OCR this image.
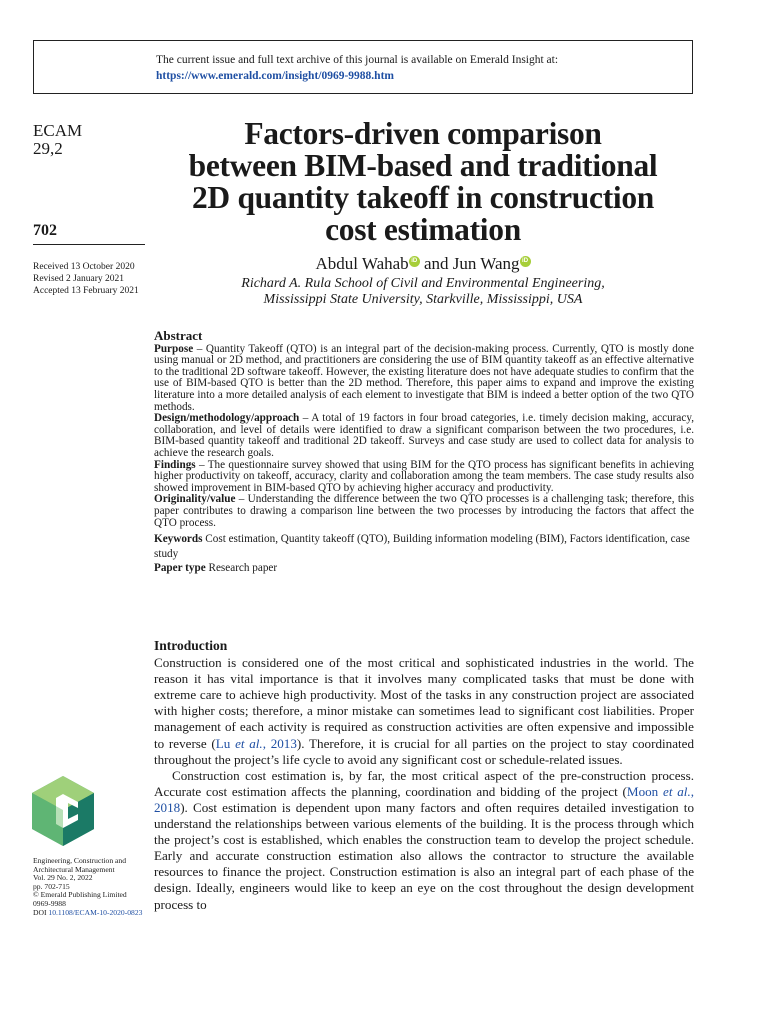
The current issue and full text archive of this journal is available on Emerald Insight at:
https://www.emerald.com/insight/0969-9988.htm
ECAM
29,2
702
Received 13 October 2020
Revised 2 January 2021
Accepted 13 February 2021
Factors-driven comparison
between BIM-based and traditional
2D quantity takeoff in construction
cost estimation
Abdul Wahab iD and Jun Wang iD
Richard A. Rula School of Civil and Environmental Engineering,
Mississippi State University, Starkville, Mississippi, USA
Abstract

Purpose – Quantity Takeoff (QTO) is an integral part of the decision-making process. Currently, QTO is mostly done using manual or 2D method, and practitioners are considering the use of BIM quantity takeoff as an effective alternative to the traditional 2D software takeoff. However, the existing literature does not have adequate studies to confirm that the use of BIM-based QTO is better than the 2D method. Therefore, this paper aims to expand and improve the existing literature into a more detailed analysis of each element to investigate that BIM is indeed a better option of the two QTO methods.

Design/methodology/approach – A total of 19 factors in four broad categories, i.e. timely decision making, accuracy, collaboration, and level of details were identified to draw a significant comparison between the two procedures, i.e. BIM-based quantity takeoff and traditional 2D takeoff. Surveys and case study are used to collect data for analysis to achieve the research goals.

Findings – The questionnaire survey showed that using BIM for the QTO process has significant benefits in achieving higher productivity on takeoff, accuracy, clarity and collaboration among the team members. The case study results also showed improvement in BIM-based QTO by achieving higher accuracy and productivity.

Originality/value – Understanding the difference between the two QTO processes is a challenging task; therefore, this paper contributes to drawing a comparison line between the two processes by introducing the factors that affect the QTO process.

Keywords Cost estimation, Quantity takeoff (QTO), Building information modeling (BIM), Factors identification, case study

Paper type Research paper

Introduction

Construction is considered one of the most critical and sophisticated industries in the world. The reason it has vital importance is that it involves many complicated tasks that must be done with extreme care to achieve high productivity. Most of the tasks in any construction project are associated with higher costs; therefore, a minor mistake can sometimes lead to significant cost liabilities. Proper management of each activity is required as construction activities are often expensive and impossible to reverse (Lu et al., 2013). Therefore, it is crucial for all parties on the project to stay coordinated throughout the project’s life cycle to avoid any significant cost or schedule-related issues.

Construction cost estimation is, by far, the most critical aspect of the pre-construction process. Accurate cost estimation affects the planning, coordination and bidding of the project (Moon et al., 2018). Cost estimation is dependent upon many factors and often requires detailed investigation to understand the relationships between various elements of the building. It is the process through which the project’s cost is established, which enables the construction team to develop the project schedule. Early and accurate construction estimation also allows the contractor to structure the available resources to finance the project. Construction estimation is also an integral part of each phase of the design. Ideally, engineers would like to keep an eye on the cost throughout the design development process to

Engineering, Construction and
Architectural Management
Vol. 29 No. 2, 2022
pp. 702-715
© Emerald Publishing Limited
0969-9988
DOI 10.1108/ECAM-10-2020-0823
